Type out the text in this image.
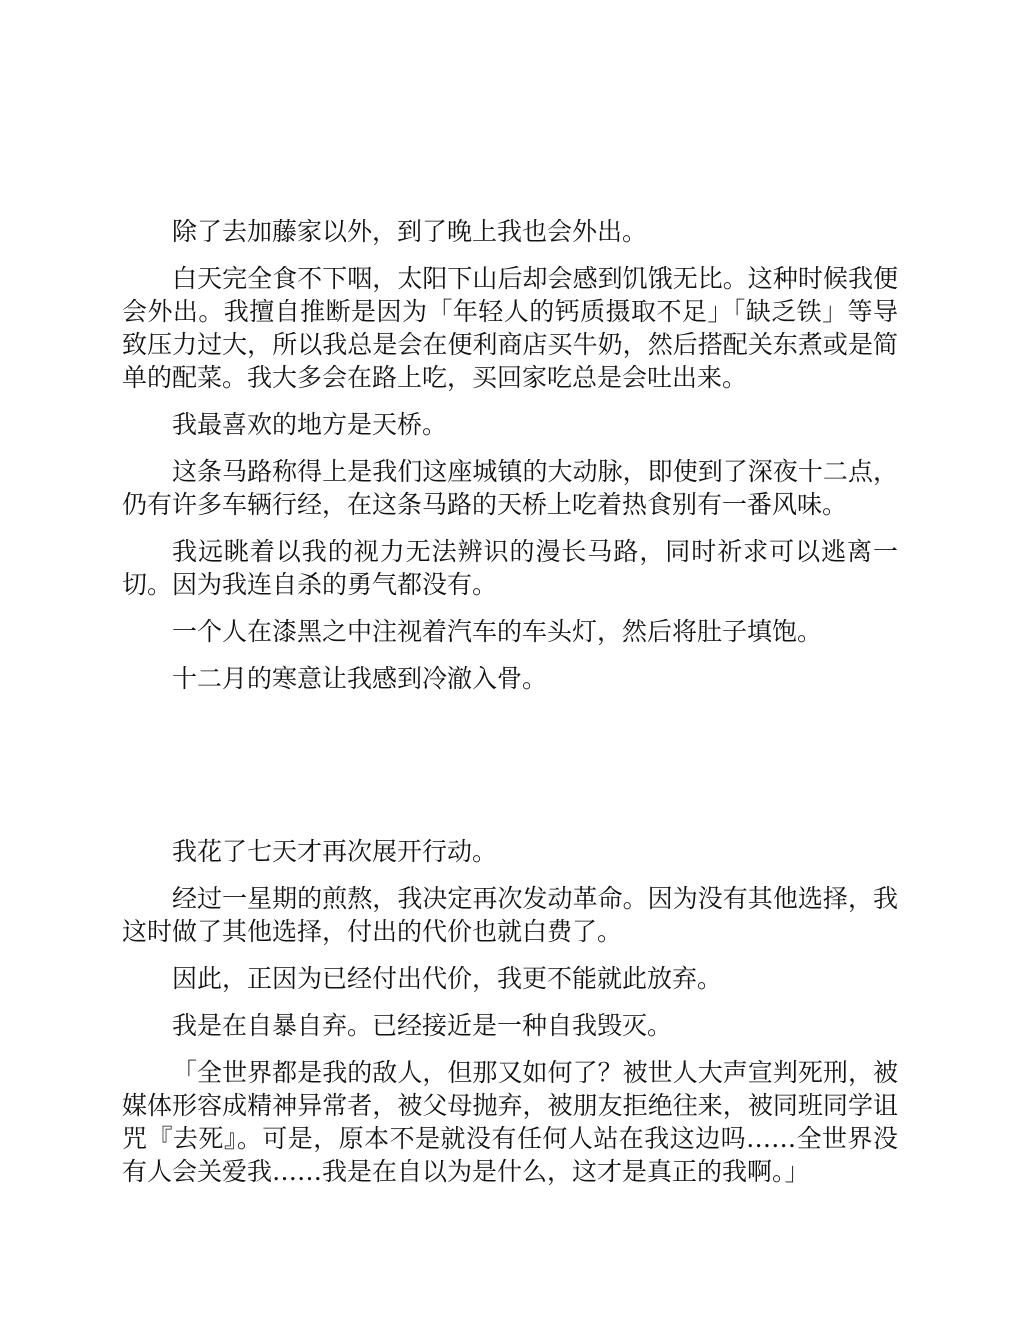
除了去加藤家以外，到了晚上我也会外出。

白天完全食不下咽，太阳下山后却会感到饥饿无比。这种时候我便会外出。我擅自推断是因为「年轻人的钙质摄取不足」「缺乏铁」等导致压力过大，所以我总是会在便利商店买牛奶，然后搭配关东煮或是简单的配菜。我大多会在路上吃，买回家吃总是会吐出来。

我最喜欢的地方是天桥。

这条马路称得上是我们这座城镇的大动脉，即使到了深夜十二点，仍有许多车辆行经，在这条马路的天桥上吃着热食别有一番风味。

我远眺着以我的视力无法辨识的漫长马路，同时祈求可以逃离一切。因为我连自杀的勇气都没有。

一个人在漆黑之中注视着汽车的车头灯，然后将肚子填饱。

十二月的寒意让我感到冷澈入骨。

我花了七天才再次展开行动。

经过一星期的煎熬，我决定再次发动革命。因为没有其他选择，我这时做了其他选择，付出的代价也就白费了。

因此，正因为已经付出代价，我更不能就此放弃。

我是在自暴自弃。已经接近是一种自我毁灭。

「全世界都是我的敌人，但那又如何了？被世人大声宣判死刑，被媒体形容成精神异常者，被父母抛弃，被朋友拒绝往来，被同班同学诅咒『去死』。可是，原本不是就没有任何人站在我这边吗……全世界没有人会关爱我……我是在自以为是什么，这才是真正的我啊。」
